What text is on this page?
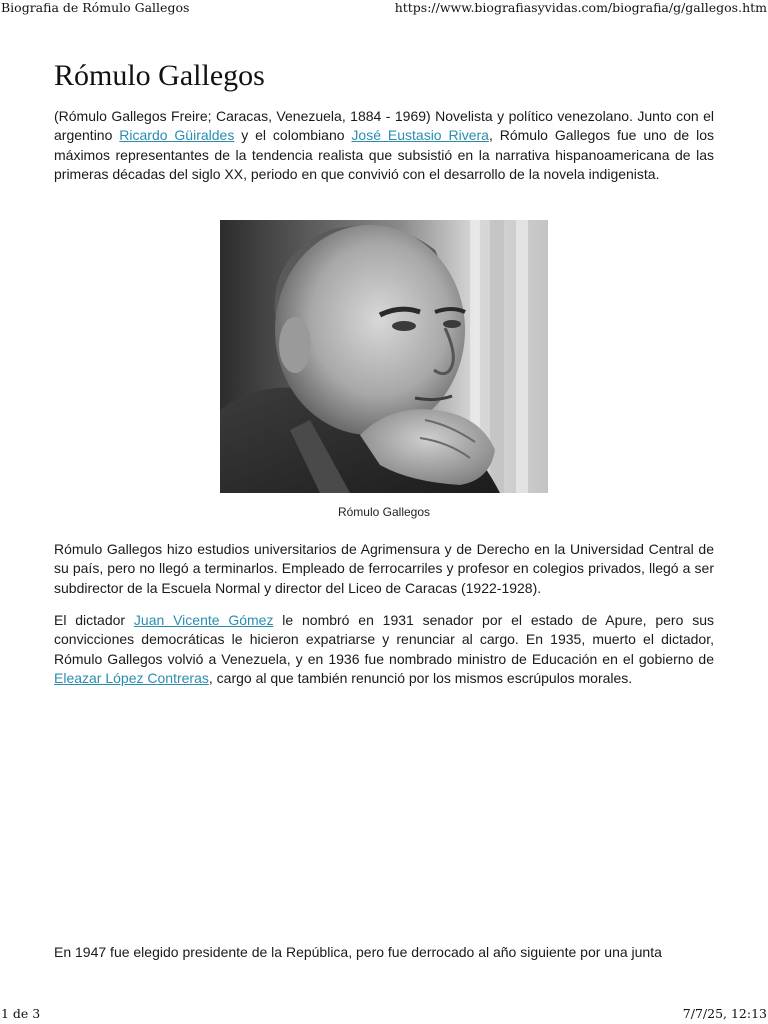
Biografia de Rómulo Gallegos	https://www.biografiasyvidas.com/biografia/g/gallegos.htm
Rómulo Gallegos

(Rómulo Gallegos Freire; Caracas, Venezuela, 1884 - 1969) Novelista y político venezolano. Junto con el argentino Ricardo Güiraldes y el colombiano José Eustasio Rivera, Rómulo Gallegos fue uno de los máximos representantes de la tendencia realista que subsistió en la narrativa hispanoamericana de las primeras décadas del siglo XX, periodo en que convivió con el desarrollo de la novela indigenista.

Rómulo Gallegos hizo estudios universitarios de Agrimensura y de Derecho en la Universidad Central de su país, pero no llegó a terminarlos. Empleado de ferrocarriles y profesor en colegios privados, llegó a ser subdirector de la Escuela Normal y director del Liceo de Caracas (1922-1928).

El dictador Juan Vicente Gómez le nombró en 1931 senador por el estado de Apure, pero sus convicciones democráticas le hicieron expatriarse y renunciar al cargo. En 1935, muerto el dictador, Rómulo Gallegos volvió a Venezuela, y en 1936 fue nombrado ministro de Educación en el gobierno de Eleazar López Contreras, cargo al que también renunció por los mismos escrúpulos morales.

En 1947 fue elegido presidente de la República, pero fue derrocado al año siguiente por una junta

Rómulo Gallegos
1 de 3	7/7/25, 12:13
